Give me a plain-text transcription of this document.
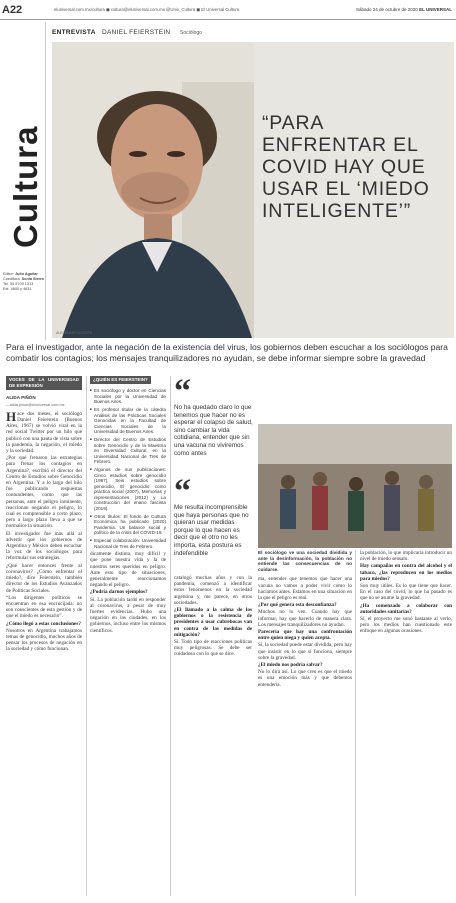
A22	eluniversal.com.mx/cultura ◼ cultura@eluniversal.com.mx @Univ_Cultura ◼ El Universal Cultura	Sábado 24 de octubre de 2020 EL UNIVERSAL
Cultura
Editor: Julio Aguilar
Coeditora: Sonia Sierra
Tel. 55 5709 1313
Ext. 4800 y 4631
ENTREVISTA DANIEL FEIERSTEIN Sociólogo
ALEJANDRO ACOSTA
“PARA ENFRENTAR EL COVID HAY QUE USAR EL ‘MIEDO INTELIGENTE’”
Para el investigador, ante la negación de la existencia del virus, los gobiernos deben escuchar a los sociólogos para combatir los contagios; los mensajes tranquilizadores no ayudan, se debe informar siempre sobre la gravedad
VOCES DE LA UNIVERSIDAD DE EXPRESIÓN
ALIDA PIÑÓN
—alida.pinon@eluniversal.com.mx

Hace dos meses, el sociólogo Daniel Feierstein (Buenos Aires, 1967) se volvió viral en la red social Twitter por un hilo que publicó con una pauta de vista sobre la pandemia, la negación, el miedo y la sociedad.

¿Por qué frenaron las estrategias para frenar los contagios en Argentina?, escribió el director del Centro de Estudios sobre Genocidio en Argentina. Y a lo largo del hilo fue publicando respuestas contundentes, como que las personas, ante el peligro inminente, reaccionan negando el peligro, lo cual es comprensible a corto plazo, pero a largo plazo lleva a que se normalice la situación.

El investigador fue más allá al advertir que los gobiernos de Argentina y México deben escuchar la voz de los sociólogos para reformular sus estrategias.

¿Qué hacer entonces frente al coronavirus? ¿Cómo enfrentar el miedo?, dice Feierstein, también director de los Estudios Avanzados de Políticas Sociales.

“Los dirigentes políticos se encuentran en esa encrucijada: no son conscientes de esta gestión y de que el miedo es necesario”.

¿Cómo llegó a estas conclusiones?

Nosotros en Argentina trabajamos temas de genocidio, muchos años de pensar los procesos de negación en la sociedad y cómo funcionan.

¿QUIÉN ES FEIERSTEIN?
■ Es sociólogo y doctor en Ciencias Sociales por la Universidad de Buenos Aires.
■ Es profesor titular de la cátedra Análisis de las Prácticas Sociales Genocidas en la Facultad de Ciencias Sociales de la Universidad de Buenos Aires.
■ Director del Centro de Estudios sobre Genocidio y de la Maestría en Diversidad Cultural, en la Universidad Nacional de Tres de Febrero.
■ Algunos de sus publicaciones: Cinco estudios sobre genocidio (1997), Seis estudios sobre genocidio, El genocidio como práctica social (2007), Memorias y representaciones (2012) y La construcción del enano fascista (2019).
■ Otros títulos: El fondo de Cultura Económica ha publicado (2020) Pandemia. Un balance social y político de la crisis del COVID-19.
■ Especial colaboración: Universidad Nacional de Tres de Febrero.

dicamente distinta, muy difícil y que pone nuestra vida y la de nuestros seres queridos en peligro. Ante esto tipo de situaciones, generalmente reaccionamos negando el peligro.

¿Podría darnos ejemplos?

Sí. La población tardó en responder al coronavirus, a pesar de muy fuertes evidencias. Hubo una negación en las ciudades, en los gobiernos, incluso entre los mismos científicos.

“
No ha quedado claro lo que tenemos que hacer no es esperar el colapso de salud, sino cambiar la vida cotidiana, entender que sin una vacuna no viviremos como antes
“
Me resulta incomprensible que haya personas que no quieran usar medidas porque lo que hacen es decir que el otro no les importa, esta postura es indefendible

catalogó muchas años y con la pandemia, comenzó a identificar estos fenómenos en la sociedad argentina y, me parece, en otros sociedades.

¿El llamado a la calma de los gobiernos o la resistencia de presidentes a usar cubrebocas van en contra de las medidas de mitigación?

Sí. Todo tipo de reacciones políticas muy peligrosas. Se debe ser cuidadoso con lo que se dice.

El sociólogo ve una sociedad dividida y ante la desinformación, la población no entiende las consecuencias de no cuidarse.

ma, entender que tenemos que hacer una vacuna no vamos a poder vivir como lo hacíamos antes. Estamos en una situación en la que el peligro es real.

¿Por qué genera esta desconfianza?

Muchos no lo ven. Cuando hay que informar, hay que hacerlo de manera clara. Los mensajes tranquilizadores no ayudan.

Parecería que hay una confrontación entre quien niega y quien acepta.

Sí, la sociedad puede estar dividida, pero hay que insistir en lo que sí funciona, siempre sobre la gravedad.

¿El miedo nos podría salvar?

No lo dirá así. Lo que creo es que el miedo es una emoción más y que debemos entenderla.

la población, lo que implicaría introducir un nivel de miedo sensato.

Hay campañas en contra del alcohol y el tabaco, ¿las reproducen en los medios para miedos?

Son muy útiles. Es lo que tiene que hacer. En el caso del covid, lo que ha pasado es que no se asume la gravedad.

¿Ha comenzado a colaborar con autoridades sanitarias?

Sí, el proyecto me sonó bastante al verlo, pero los medios han cuestionado este enfoque en algunas ocasiones.
